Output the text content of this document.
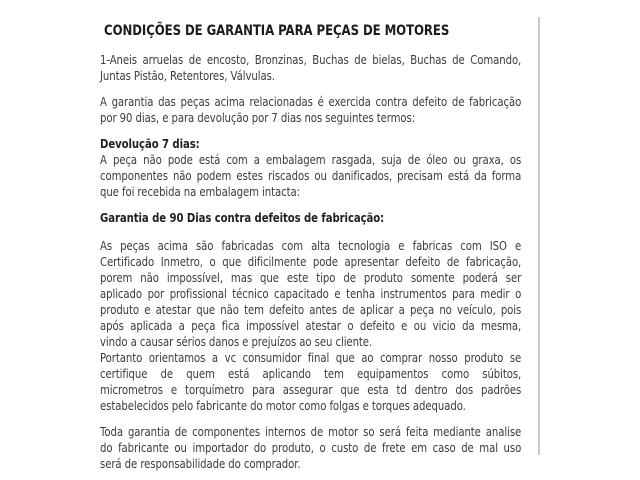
CONDIÇÕES DE GARANTIA PARA PEÇAS DE MOTORES
1-Aneis arruelas de encosto, Bronzinas, Buchas de bielas, Buchas de Comando,
Juntas Pistão, Retentores, Válvulas.
A garantia das peças acima relacionadas é exercida contra defeito de fabricação
por 90 dias, e para devolução por 7 dias nos seguintes termos:
Devolução 7 dias:
A peça não pode está com a embalagem rasgada, suja de óleo ou graxa, os
componentes não podem estes riscados ou danificados, precisam está da forma
que foi recebida na embalagem intacta:
Garantia de 90 Dias contra defeitos de fabricação:
As peças acima são fabricadas com alta tecnologia e fabricas com ISO e
Certificado Inmetro, o que dificilmente pode apresentar defeito de fabricação,
porem não impossível, mas que este tipo de produto somente poderá ser
aplicado por profissional técnico capacitado e tenha instrumentos para medir o
produto e atestar que não tem defeito antes de aplicar a peça no veículo, pois
após aplicada a peça fica impossível atestar o defeito e ou vicio da mesma,
vindo a causar sérios danos e prejuízos ao seu cliente.
Portanto orientamos a vc consumidor final que ao comprar nosso produto se
certifique de quem está aplicando tem equipamentos como súbitos,
micrometros e torquímetro para assegurar que esta td dentro dos padrões
estabelecidos pelo fabricante do motor como folgas e torques adequado.
Toda garantia de componentes internos de motor so será feita mediante analise
do fabricante ou importador do produto, o custo de frete em caso de mal uso
será de responsabilidade do comprador.
